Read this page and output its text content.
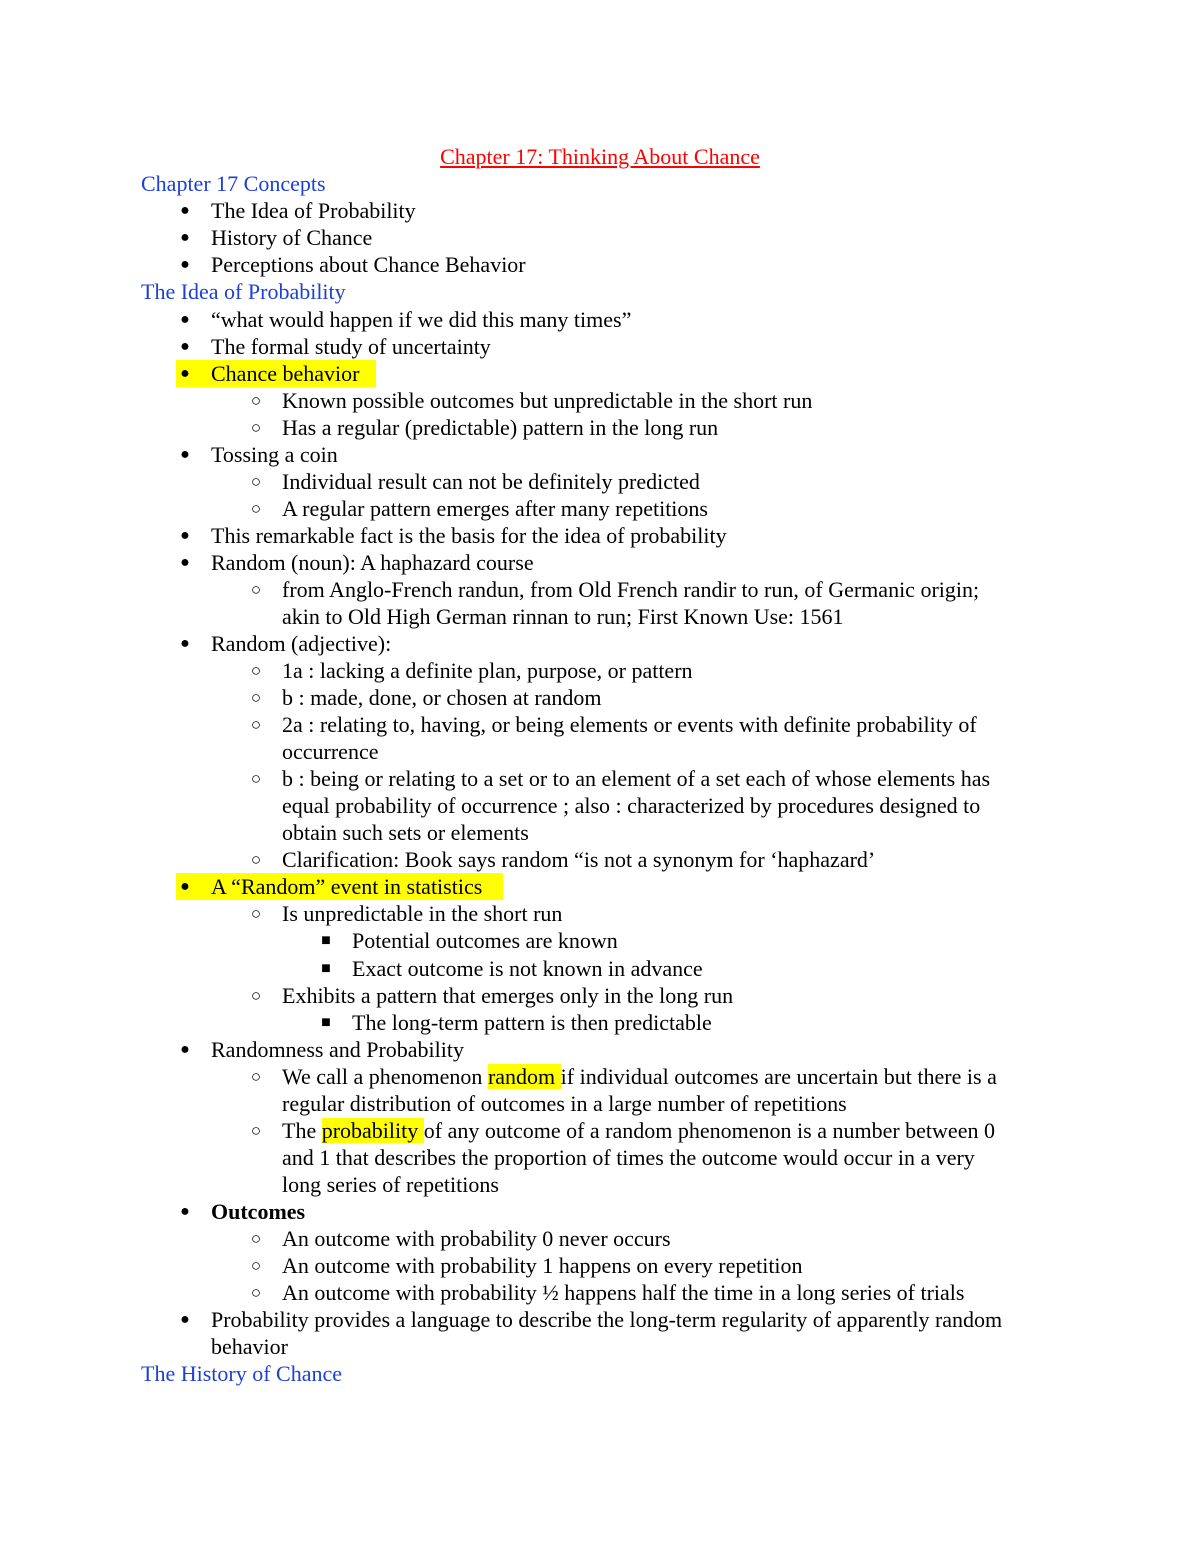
Chapter 17: Thinking About Chance
Chapter 17 Concepts
● The Idea of Probability
● History of Chance
● Perceptions about Chance Behavior
The Idea of Probability
● “what would happen if we did this many times”
● The formal study of uncertainty
● Chance behavior
○ Known possible outcomes but unpredictable in the short run
○ Has a regular (predictable) pattern in the long run
● Tossing a coin
○ Individual result can not be definitely predicted
○ A regular pattern emerges after many repetitions
● This remarkable fact is the basis for the idea of probability
● Random (noun): A haphazard course
○ from Anglo-French randun, from Old French randir to run, of Germanic origin;
akin to Old High German rinnan to run; First Known Use: 1561
● Random (adjective):
○ 1a : lacking a definite plan, purpose, or pattern
○ b : made, done, or chosen at random
○ 2a : relating to, having, or being elements or events with definite probability of
occurrence
○ b : being or relating to a set or to an element of a set each of whose elements has
equal probability of occurrence ; also : characterized by procedures designed to
obtain such sets or elements
○ Clarification: Book says random “is not a synonym for ‘haphazard’
● A “Random” event in statistics
○ Is unpredictable in the short run
■ Potential outcomes are known
■ Exact outcome is not known in advance
○ Exhibits a pattern that emerges only in the long run
■ The long-term pattern is then predictable
● Randomness and Probability
○ We call a phenomenon random if individual outcomes are uncertain but there is a
regular distribution of outcomes in a large number of repetitions
○ The probability of any outcome of a random phenomenon is a number between 0
and 1 that describes the proportion of times the outcome would occur in a very
long series of repetitions
● Outcomes
○ An outcome with probability 0 never occurs
○ An outcome with probability 1 happens on every repetition
○ An outcome with probability ½ happens half the time in a long series of trials
● Probability provides a language to describe the long-term regularity of apparently random
behavior
The History of Chance
